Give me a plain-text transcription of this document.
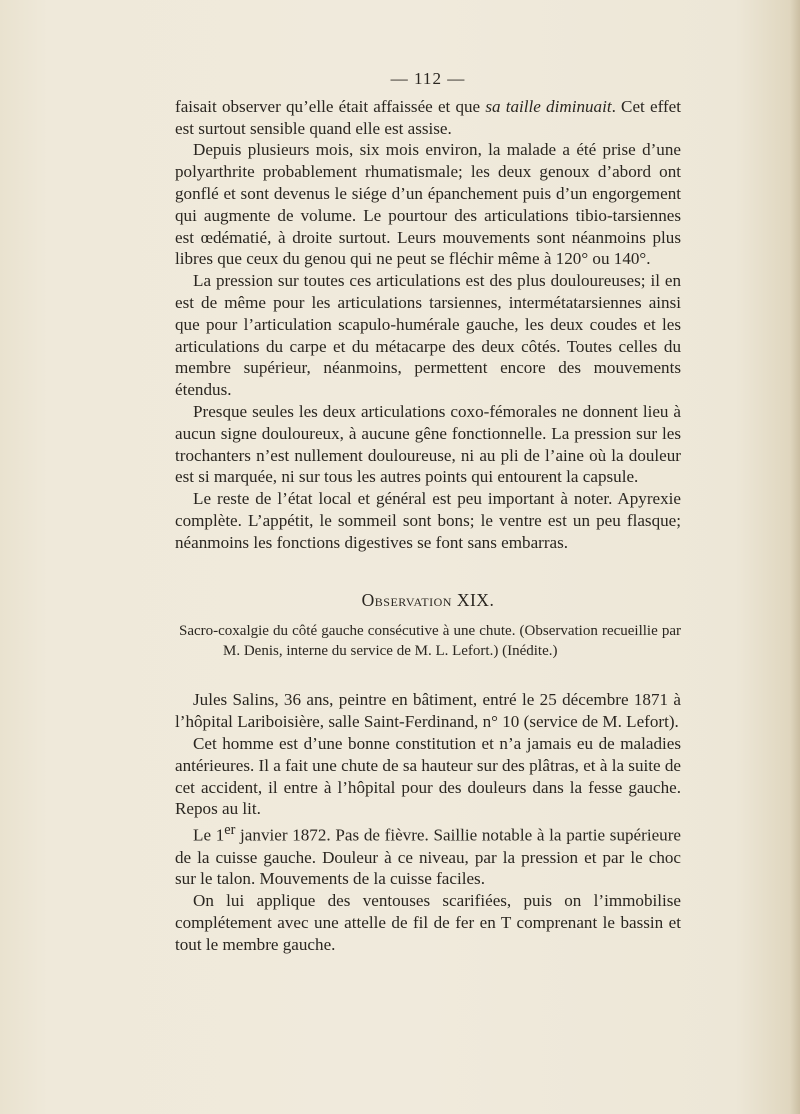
— 112 —

faisait observer qu’elle était affaissée et que sa taille diminuait. Cet effet est surtout sensible quand elle est assise.

Depuis plusieurs mois, six mois environ, la malade a été prise d’une polyarthrite probablement rhumatismale; les deux genoux d’abord ont gonflé et sont devenus le siége d’un épanchement puis d’un engorgement qui augmente de volume. Le pourtour des articulations tibio-tarsiennes est œdématié, à droite surtout. Leurs mouvements sont néanmoins plus libres que ceux du genou qui ne peut se fléchir même à 120° ou 140°.

La pression sur toutes ces articulations est des plus douloureuses; il en est de même pour les articulations tarsiennes, intermétatarsiennes ainsi que pour l’articulation scapulo-humérale gauche, les deux coudes et les articulations du carpe et du métacarpe des deux côtés. Toutes celles du membre supérieur, néanmoins, permettent encore des mouvements étendus.

Presque seules les deux articulations coxo-fémorales ne donnent lieu à aucun signe douloureux, à aucune gêne fonctionnelle. La pression sur les trochanters n’est nullement douloureuse, ni au pli de l’aine où la douleur est si marquée, ni sur tous les autres points qui entourent la capsule.

Le reste de l’état local et général est peu important à noter. Apyrexie complète. L’appétit, le sommeil sont bons; le ventre est un peu flasque; néanmoins les fonctions digestives se font sans embarras.

Observation XIX.

Sacro-coxalgie du côté gauche consécutive à une chute. (Observation recueillie par M. Denis, interne du service de M. L. Lefort.) (Inédite.)

Jules Salins, 36 ans, peintre en bâtiment, entré le 25 décembre 1871 à l’hôpital Lariboisière, salle Saint-Ferdinand, n° 10 (service de M. Lefort).

Cet homme est d’une bonne constitution et n’a jamais eu de maladies antérieures. Il a fait une chute de sa hauteur sur des plâtras, et à la suite de cet accident, il entre à l’hôpital pour des douleurs dans la fesse gauche. Repos au lit.

Le 1er janvier 1872. Pas de fièvre. Saillie notable à la partie supérieure de la cuisse gauche. Douleur à ce niveau, par la pression et par le choc sur le talon. Mouvements de la cuisse faciles.

On lui applique des ventouses scarifiées, puis on l’immobilise complétement avec une attelle de fil de fer en T comprenant le bassin et tout le membre gauche.
